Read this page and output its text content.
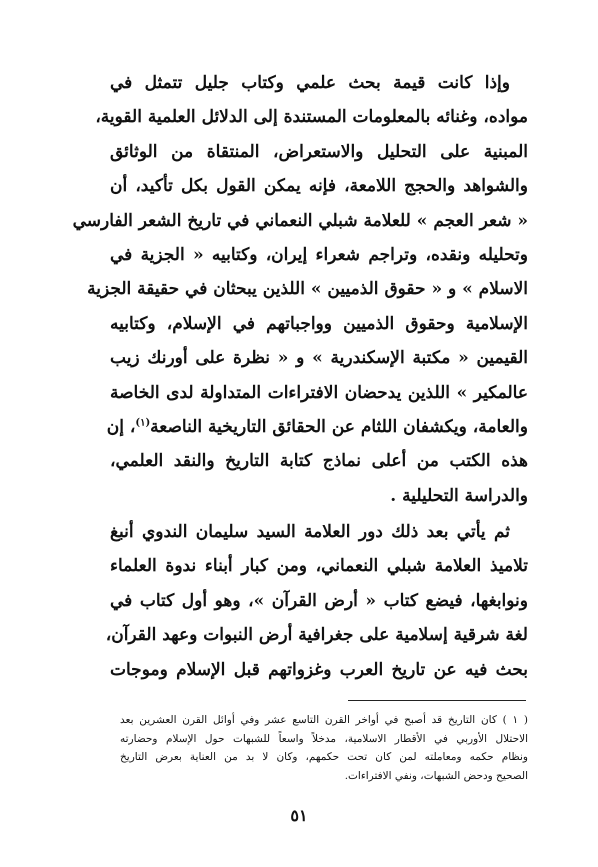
وإذا كانت قيمة بحث علمي وكتاب جليل تتمثل في
مواده، وغنائه بالمعلومات المستندة إلى الدلائل العلمية القوية،
المبنية على التحليل والاستعراض، المنتقاة من الوثائق
والشواهد والحجج اللامعة، فإنه يمكن القول بكل تأكيد، أن
« شعر العجم » للعلامة شبلي النعماني في تاريخ الشعر الفارسي
وتحليله ونقده، وتراجم شعراء إيران، وكتابيه « الجزية في
الاسلام » و « حقوق الذميين » اللذين يبحثان في حقيقة الجزية
الإسلامية وحقوق الذميين وواجباتهم في الإسلام، وكتابيه
القيمين « مكتبة الإسكندرية » و « نظرة على أورنك زيب
عالمكير » اللذين يدحضان الافتراءات المتداولة لدى الخاصة
والعامة، ويكشفان اللثام عن الحقائق التاريخية الناصعة$^{(١)}$، إن
هذه الكتب من أعلى نماذج كتابة التاريخ والنقد العلمي،
والدراسة التحليلية .
ثم يأتي بعد ذلك دور العلامة السيد سليمان الندوي أنبغ
تلاميذ العلامة شبلي النعماني، ومن كبار أبناء ندوة العلماء
ونوابغها، فيضع كتاب « أرض القرآن »، وهو أول كتاب في
لغة شرقية إسلامية على جغرافية أرض النبوات وعهد القرآن،
بحث فيه عن تاريخ العرب وغزواتهم قبل الإسلام وموجات
( ١ ) كان التاريخ قد أصبح في أواخر القرن التاسع عشر وفي أوائل القرن العشرين بعد
الاحتلال الأوربي في الأقطار الاسلامية، مدخلاً واسعاً للشبهات حول الإسلام وحضارته
ونظام حكمه ومعاملته لمن كان تحت حكمهم، وكان لا بد من العناية بعرض التاريخ
الصحيح ودحض الشبهات، ونفي الافتراءات.
٥١
